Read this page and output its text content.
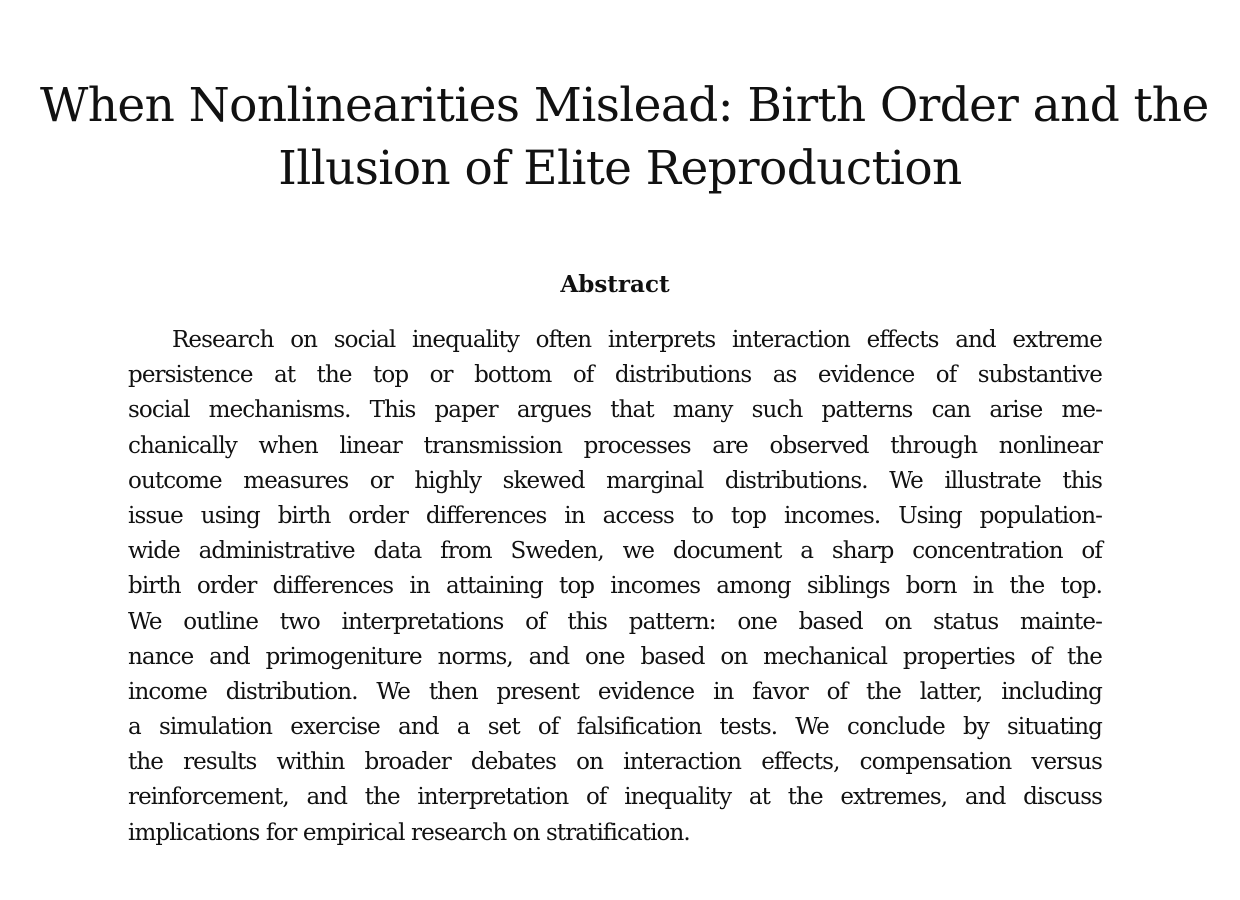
When Nonlinearities Mislead: Birth Order and the
Illusion of Elite Reproduction
Abstract
Research on social inequality often interprets interaction effects and extreme
persistence at the top or bottom of distributions as evidence of substantive
social mechanisms. This paper argues that many such patterns can arise me-
chanically when linear transmission processes are observed through nonlinear
outcome measures or highly skewed marginal distributions. We illustrate this
issue using birth order differences in access to top incomes. Using population-
wide administrative data from Sweden, we document a sharp concentration of
birth order differences in attaining top incomes among siblings born in the top.
We outline two interpretations of this pattern: one based on status mainte-
nance and primogeniture norms, and one based on mechanical properties of the
income distribution. We then present evidence in favor of the latter, including
a simulation exercise and a set of falsification tests. We conclude by situating
the results within broader debates on interaction effects, compensation versus
reinforcement, and the interpretation of inequality at the extremes, and discuss
implications for empirical research on stratification.
